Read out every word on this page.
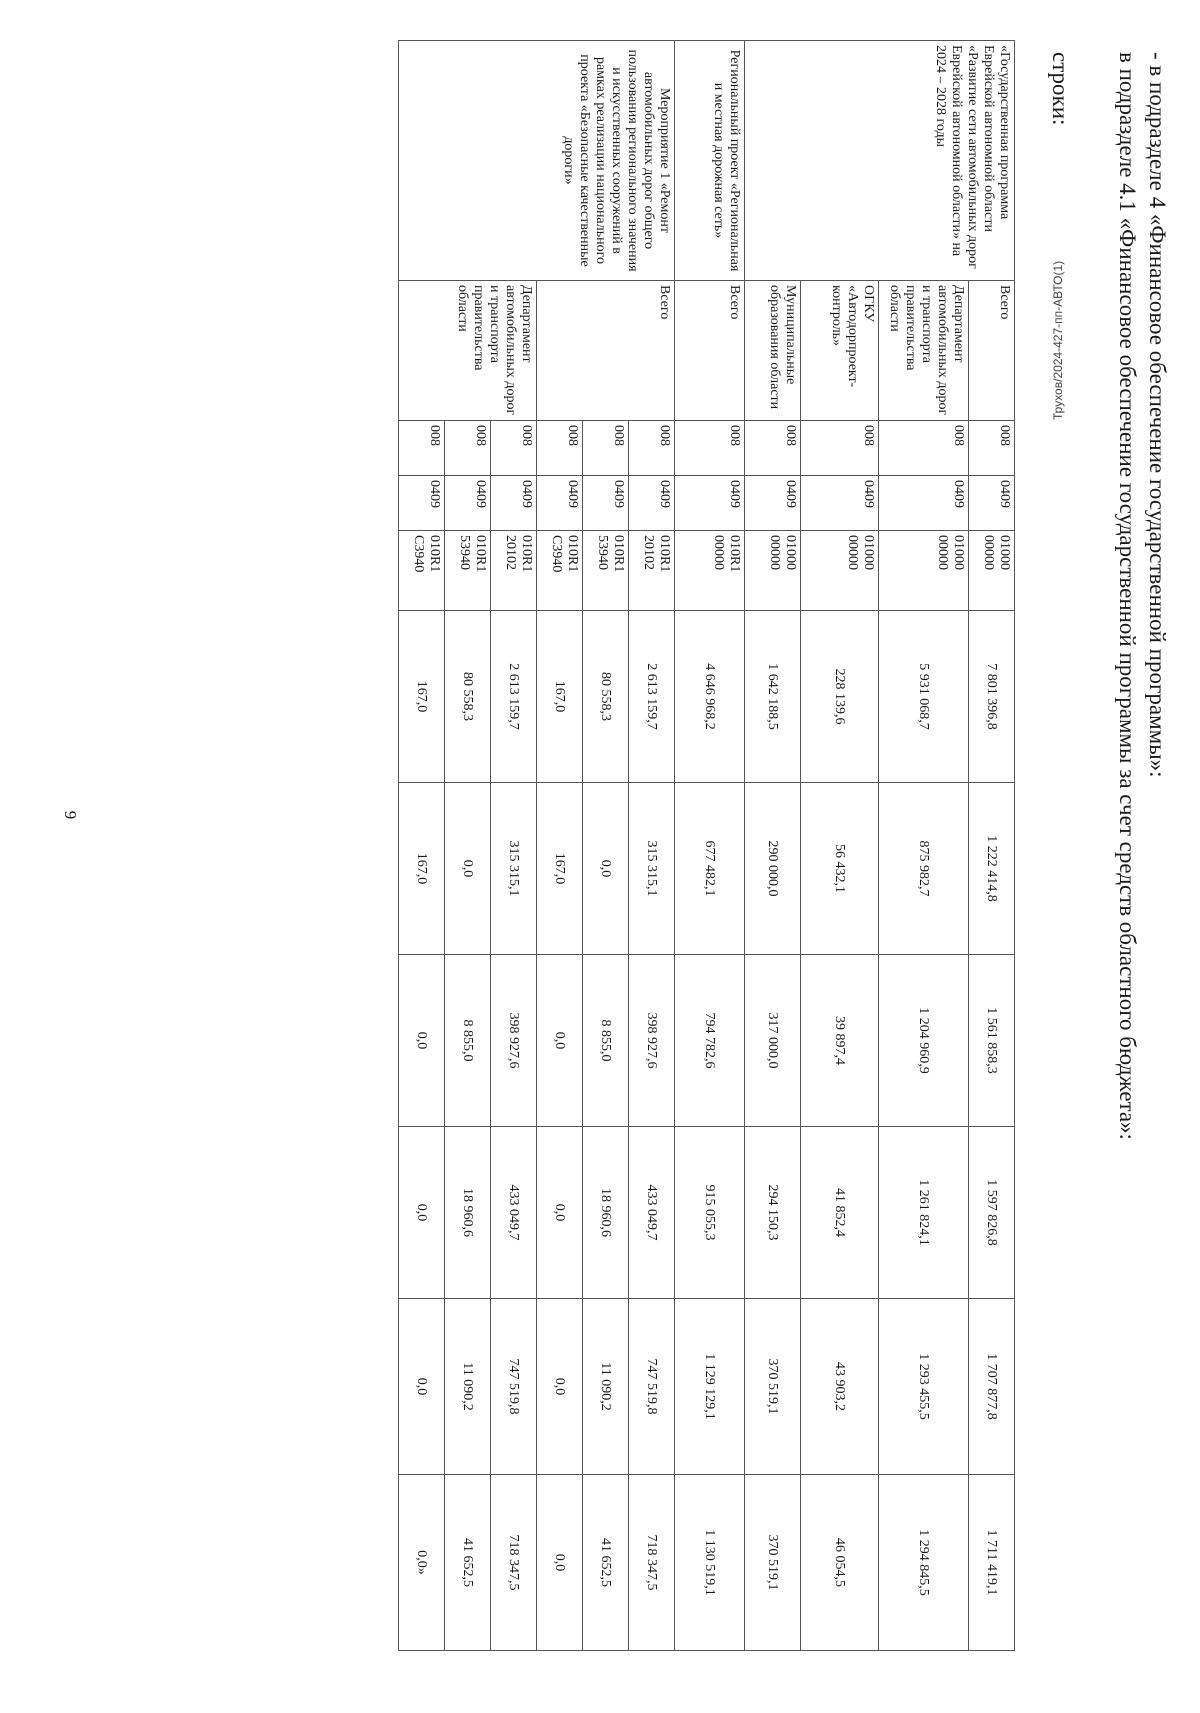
9
Трухов/2024-427-пп-АВТО(1)	- в подразделе 4 «Финансовое обеспечение государственной программы»:
в подразделе 4.1 «Финансовое обеспечение государственной программы за счет средств областного бюджета»:
строки:
«Государственная программа Еврейской автономной области «Развитие сети автомобильных дорог Еврейской автономной области» на 2024 – 2028 годы	Всего	008	0409	01000 00000	7 801 396,8	1 222 414,8	1 561 858,3	1 597 826,8	1 707 877,8	1 711 419,1
	Департамент автомобильных дорог и транспорта правительства области	008	0409	01000 00000	5 931 068,7	875 982,7	1 204 960,9	1 261 824,1	1 293 455,5	1 294 845,5
	ОГКУ «Автодорпроект-контроль»	008	0409	01000 00000	228 139,6	56 432,1	39 897,4	41 852,4	43 903,2	46 054,5
	Муниципальные образования области	008	0409	01000 00000	1 642 188,5	290 000,0	317 000,0	294 150,3	370 519,1	370 519,1
Региональный проект «Региональная и местная дорожная сеть»	Всего	008	0409	010R1 00000	4 646 968,2	677 482,1	794 782,6	915 055,3	1 129 129,1	1 130 519,1
Мероприятие 1 «Ремонт автомобильных дорог общего пользования регионального значения и искусственных сооружений в рамках реализации национального проекта «Безопасные качественные дороги»	Всего	008	0409	010R1 20102	2 613 159,7	315 315,1	398 927,6	433 049,7	747 519,8	718 347,5
		008	0409	010R1 53940	80 558,3	0,0	8 855,0	18 960,6	11 090,2	41 652,5
		008	0409	010R1 С3940	167,0	167,0	0,0	0,0	0,0	0,0
	Департамент автомобильных дорог и транспорта правительства области	008	0409	010R1 20102	2 613 159,7	315 315,1	398 927,6	433 049,7	747 519,8	718 347,5
		008	0409	010R1 53940	80 558,3	0,0	8 855,0	18 960,6	11 090,2	41 652,5
		008	0409	010R1 С3940	167,0	167,0	0,0	0,0	0,0	0,0»
